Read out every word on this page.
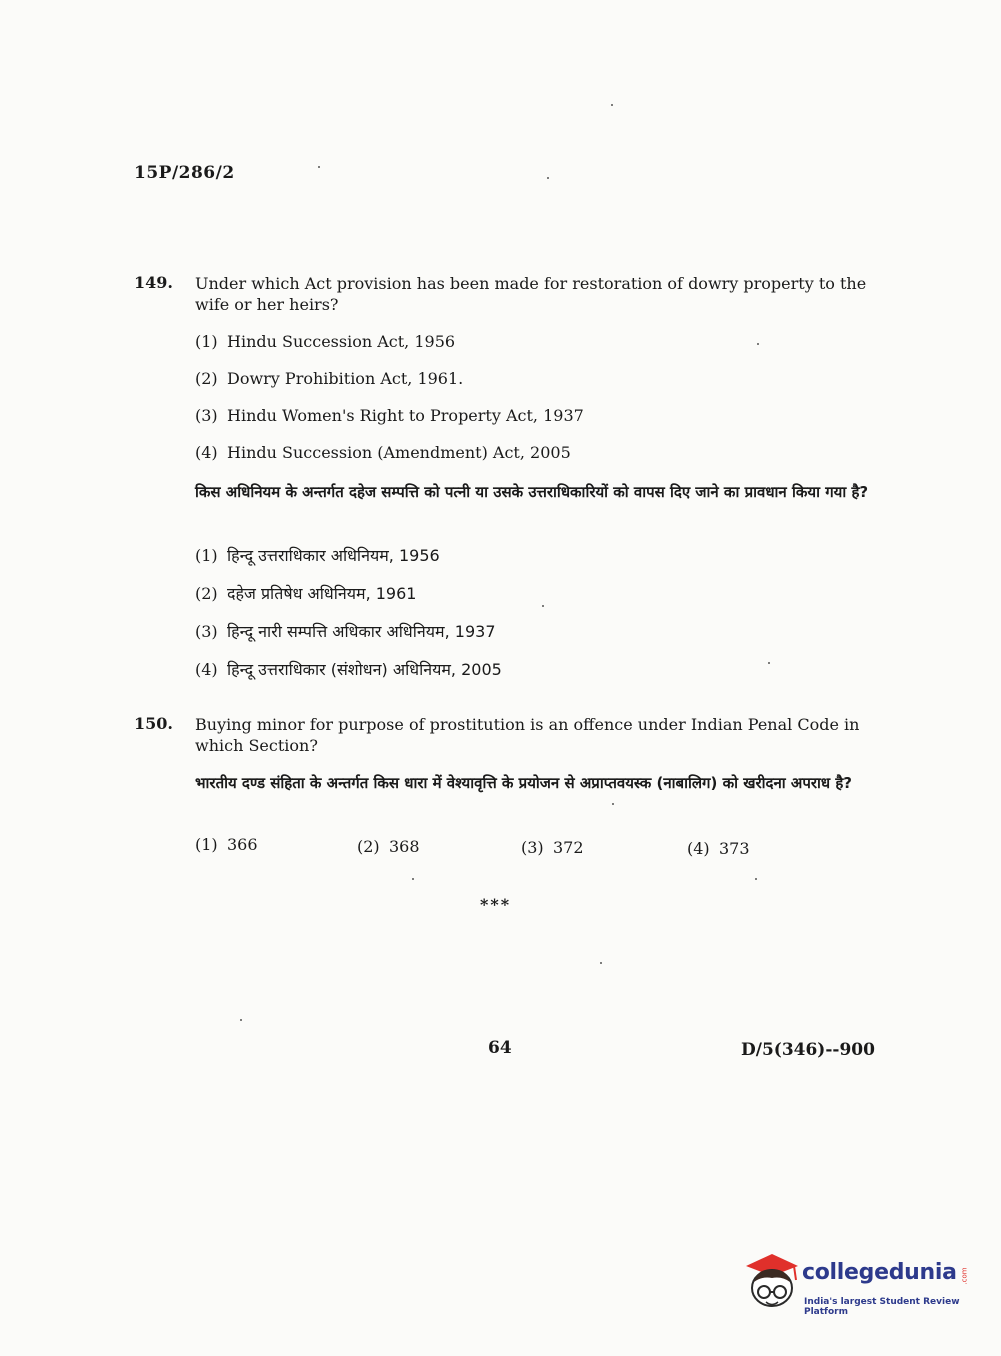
15P/286/2
149. Under which Act provision has been made for restoration of dowry property to the wife or her heirs?
(1) Hindu Succession Act, 1956
(2) Dowry Prohibition Act, 1961.
(3) Hindu Women's Right to Property Act, 1937
(4) Hindu Succession (Amendment) Act, 2005
किस अधिनियम के अन्तर्गत दहेज सम्पत्ति को पत्नी या उसके उत्तराधिकारियों को वापस दिए जाने का प्रावधान किया गया है?
(1) हिन्दू उत्तराधिकार अधिनियम, 1956
(2) दहेज प्रतिषेध अधिनियम, 1961
(3) हिन्दू नारी सम्पत्ति अधिकार अधिनियम, 1937
(4) हिन्दू उत्तराधिकार (संशोधन) अधिनियम, 2005
150. Buying minor for purpose of prostitution is an offence under Indian Penal Code in which Section?
भारतीय दण्ड संहिता के अन्तर्गत किस धारा में वेश्यावृत्ति के प्रयोजन से अप्राप्तवयस्क (नाबालिग) को खरीदना अपराध है?
(1) 366	(2) 368	(3) 372	(4) 373
***
64	D/5(346)--900
collegedunia .com
India's largest Student Review Platform
